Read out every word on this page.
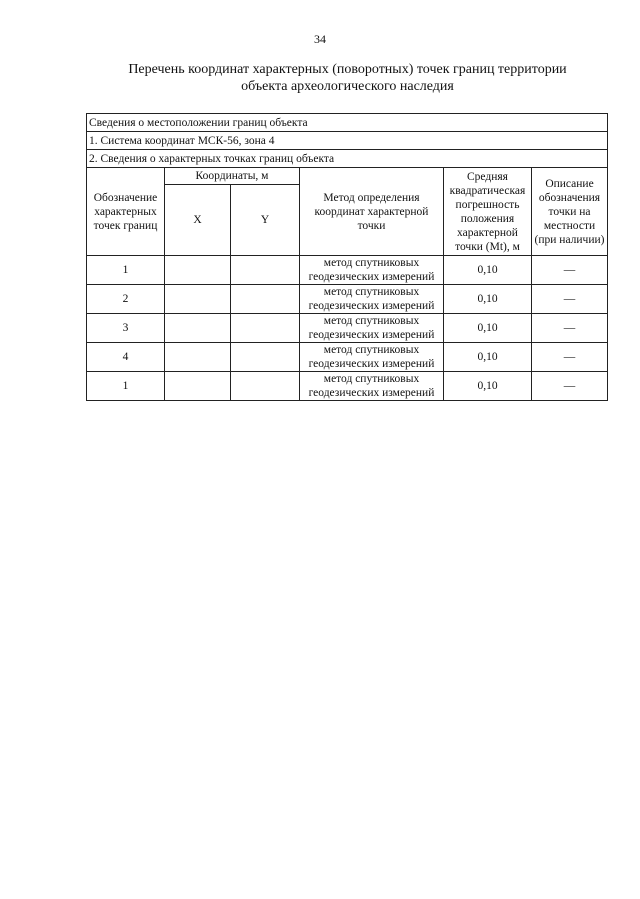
34
Перечень координат характерных (поворотных) точек границ территории
объекта археологического наследия
Сведения о местоположении границ объекта					
1. Система координат МСК-56, зона 4					
2. Сведения о характерных точках границ объекта					
Обозначение характерных точек границ	Координаты, м		Метод определения координат характерной точки	Средняя квадратическая погрешность положения характерной точки (Mt), м	Описание обозначения точки на местности (при наличии)
	X	Y			
1			метод спутниковых геодезических измерений	0,10	—
2			метод спутниковых геодезических измерений	0,10	—
3			метод спутниковых геодезических измерений	0,10	—
4			метод спутниковых геодезических измерений	0,10	—
1			метод спутниковых геодезических измерений	0,10	—
